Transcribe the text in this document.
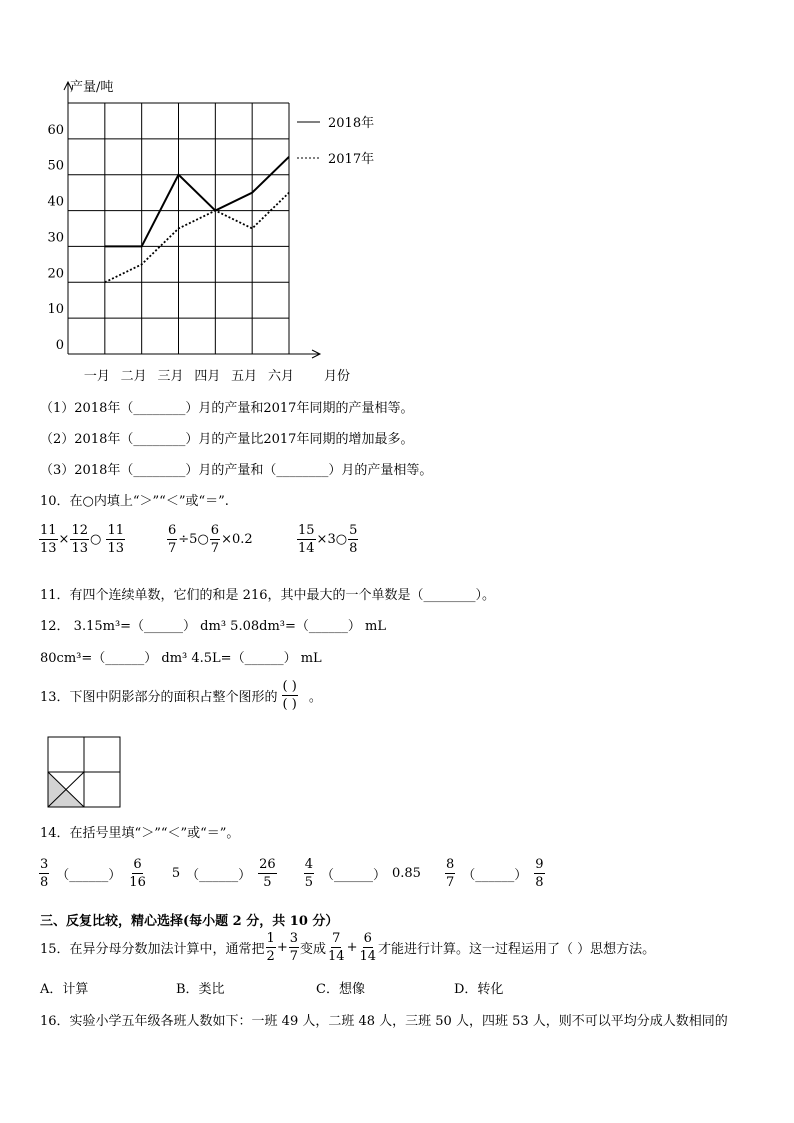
0
10
20
30
40
50
60
产量/吨
一月 二月 三月 四月 五月 六月 月份
2018年
2017年
（1）2018年（________）月的产量和2017年同期的产量相等。
（2）2018年（________）月的产量比2017年同期的增加最多。
（3）2018年（________）月的产量和（________）月的产量相等。
10．在○内填上“＞”“＜”或“＝”.
$\frac{11}{13} \times \frac{12}{13}$ ○ $\frac{11}{13}$	$\frac{6}{7}$ ÷5○ $\frac{6}{7} \times 0.2$	$\frac{15}{14}$ ×3○ $\frac{5}{8}$
11．有四个连续单数，它们的和是 216，其中最大的一个单数是（________）。
12． 3.15m³=（______） dm³ 5.08dm³=（______） mL
80cm³=（______） dm³ 4.5L=（______） mL
13．下图中阴影部分的面积占整个图形的 $\frac{( )}{( )}$ 。
14．在括号里填“＞”“＜”或“＝”。
$\frac{3}{8}$ （______） $\frac{6}{16} 5$ （______） $\frac{26}{5} \frac{4}{5}$ （______） $0.85 \frac{8}{7}$ （______） $\frac{9}{8}$
三、反复比较，精心选择(每小题 2 分，共 10 分）
15．在异分母分数加法计算中，通常把 $\frac{1}{2} + \frac{3}{7}$ 变成 $\frac{7}{14} + \frac{6}{14}$ 才能进行计算。这一过程运用了（ ）思想方法。
A．计算	B．类比	C．想像	D．转化
16．实验小学五年级各班人数如下：一班 49 人，二班 48 人，三班 50 人，四班 53 人，则不可以平均分成人数相同的
